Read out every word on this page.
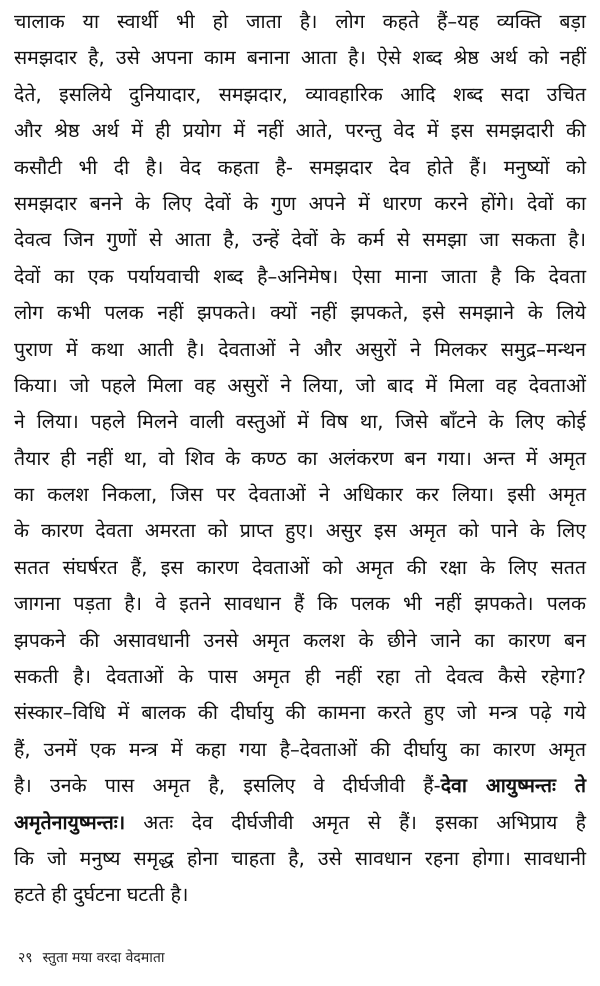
चालाक या स्वार्थी भी हो जाता है। लोग कहते हैं–यह व्यक्ति बड़ा
समझदार है, उसे अपना काम बनाना आता है। ऐसे शब्द श्रेष्ठ अर्थ को नहीं
देते, इसलिये दुनियादार, समझदार, व्यावहारिक आदि शब्द सदा उचित
और श्रेष्ठ अर्थ में ही प्रयोग में नहीं आते, परन्तु वेद में इस समझदारी की
कसौटी भी दी है। वेद कहता है- समझदार देव होते हैं। मनुष्यों को
समझदार बनने के लिए देवों के गुण अपने में धारण करने होंगे। देवों का
देवत्व जिन गुणों से आता है, उन्हें देवों के कर्म से समझा जा सकता है।
देवों का एक पर्यायवाची शब्द है–अनिमेष। ऐसा माना जाता है कि देवता
लोग कभी पलक नहीं झपकते। क्यों नहीं झपकते, इसे समझाने के लिये
पुराण में कथा आती है। देवताओं ने और असुरों ने मिलकर समुद्र–मन्थन
किया। जो पहले मिला वह असुरों ने लिया, जो बाद में मिला वह देवताओं
ने लिया। पहले मिलने वाली वस्तुओं में विष था, जिसे बाँटने के लिए कोई
तैयार ही नहीं था, वो शिव के कण्ठ का अलंकरण बन गया। अन्त में अमृत
का कलश निकला, जिस पर देवताओं ने अधिकार कर लिया। इसी अमृत
के कारण देवता अमरता को प्राप्त हुए। असुर इस अमृत को पाने के लिए
सतत संघर्षरत हैं, इस कारण देवताओं को अमृत की रक्षा के लिए सतत
जागना पड़ता है। वे इतने सावधान हैं कि पलक भी नहीं झपकते। पलक
झपकने की असावधानी उनसे अमृत कलश के छीने जाने का कारण बन
सकती है। देवताओं के पास अमृत ही नहीं रहा तो देवत्व कैसे रहेगा?
संस्कार–विधि में बालक की दीर्घायु की कामना करते हुए जो मन्त्र पढ़े गये
हैं, उनमें एक मन्त्र में कहा गया है–देवताओं की दीर्घायु का कारण अमृत
है। उनके पास अमृत है, इसलिए वे दीर्घजीवी हैं-देवा आयुष्मन्तः ते
अमृतेनायुष्मन्तः। अतः देव दीर्घजीवी अमृत से हैं। इसका अभिप्राय है
कि जो मनुष्य समृद्ध होना चाहता है, उसे सावधान रहना होगा। सावधानी
हटते ही दुर्घटना घटती है।
२९ स्तुता मया वरदा वेदमाता
